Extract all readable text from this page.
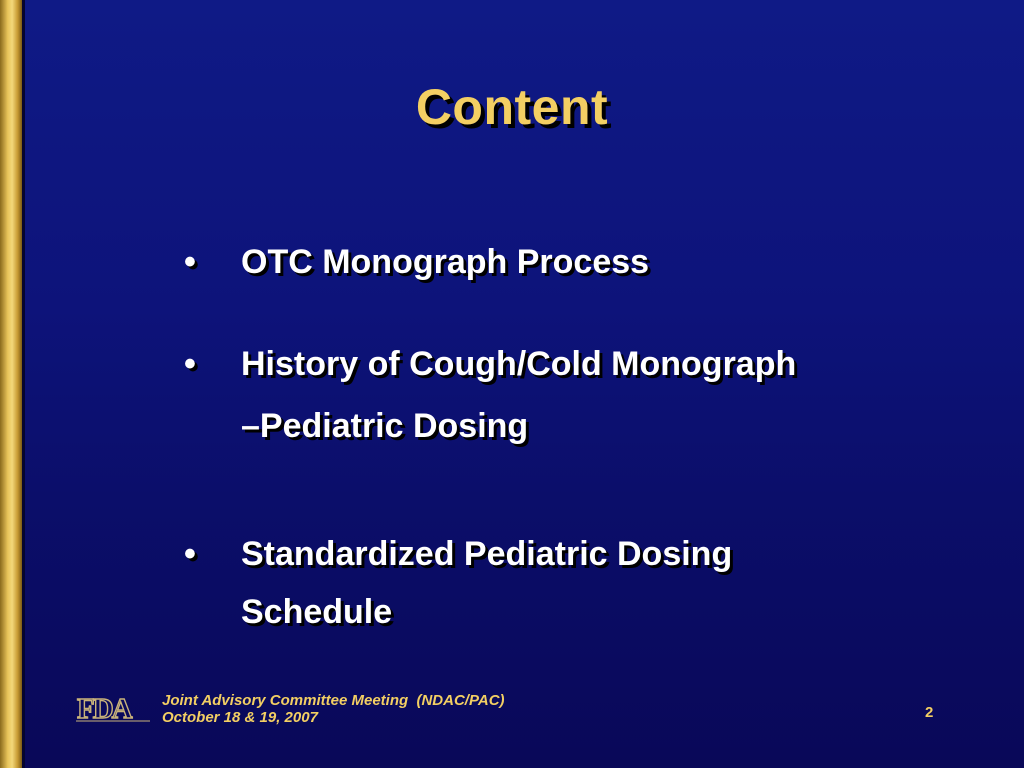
Content
•	OTC Monograph Process
•	History of Cough/Cold Monograph
–Pediatric Dosing
•	Standardized Pediatric Dosing
Schedule
FDA Joint Advisory Committee Meeting  (NDAC/PAC)
October 18 & 19, 2007	2
